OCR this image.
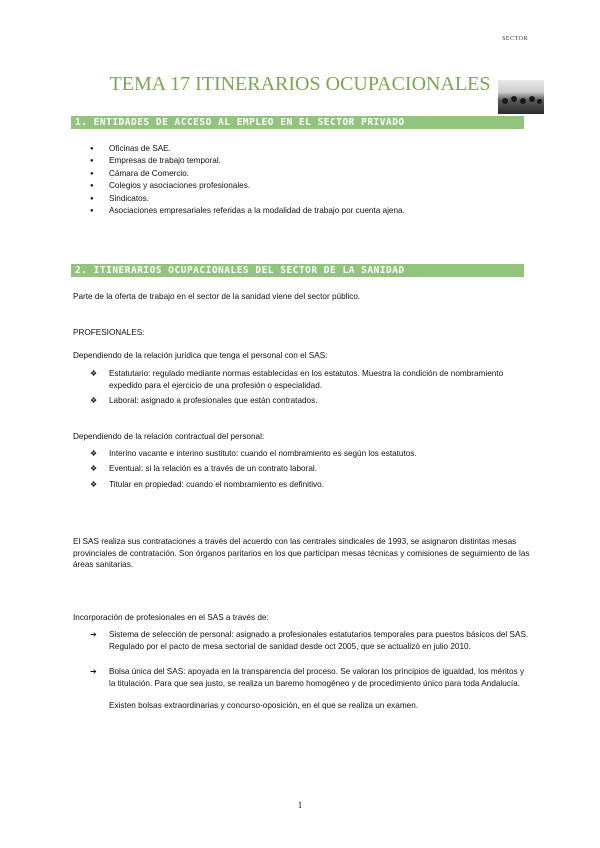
SECTOR
TEMA 17 ITINERARIOS OCUPACIONALES
1. ENTIDADES DE ACCESO AL EMPLEO EN EL SECTOR PRIVADO
● Oficinas de SAE.
● Empresas de trabajo temporal.
● Cámara de Comercio.
● Colegios y asociaciones profesionales.
● Sindicatos.
● Asociaciones empresariales referidas a la modalidad de trabajo por cuenta ajena.
2. ITINERARIOS OCUPACIONALES DEL SECTOR DE LA SANIDAD

Parte de la oferta de trabajo en el sector de la sanidad viene del sector público.

PROFESIONALES:

Dependiendo de la relación jurídica que tenga el personal con el SAS:

❖ Estatutario: regulado mediante normas establecidas en los estatutos. Muestra la condición de nombramiento expedido para el ejercicio de una profesión o especialidad.
❖ Laboral: asignado a profesionales que están contratados.

Dependiendo de la relación contractual del personal:

❖ Interino vacante e interino sustituto: cuando el nombramiento es según los estatutos.
❖ Eventual: si la relación es a través de un contrato laboral.
❖ Titular en propiedad: cuando el nombramiento es definitivo.

El SAS realiza sus contrataciones a través del acuerdo con las centrales sindicales de 1993, se asignaron distintas mesas provinciales de contratación. Son órganos paritarios en los que participan mesas técnicas y comisiones de seguimiento de las áreas sanitarias.

Incorporación de profesionales en el SAS a través de:

➔ Sistema de selección de personal: asignado a profesionales estatutarios temporales para puestos básicos del SAS.
Regulado por el pacto de mesa sectorial de sanidad desde oct 2005, que se actualizó en julio 2010.
➔ Bolsa única del SAS: apoyada en la transparencia del proceso. Se valoran los principios de igualdad, los méritos y la titulación. Para que sea justo, se realiza un baremo homogéneo y de procedimiento único para toda Andalucía.
Existen bolsas extraordinarias y concurso-oposición, en el que se realiza un examen.
1
